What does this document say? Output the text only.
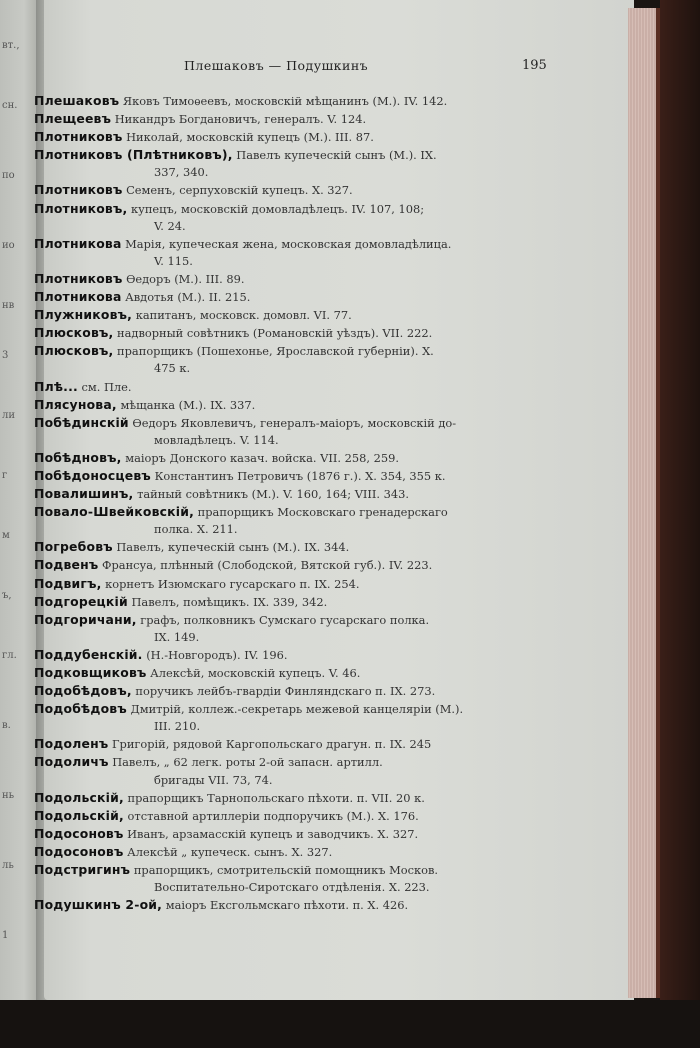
вт.,
сн.
по
ио
нв
3
ли
г
м
ъ,
гл.
в.
нь
ль
1
Плешаковъ — Подушкинъ	195

Плешаковъ Яковъ Тимоѳеевъ, московскій мѣщанинъ (М.). IV. 142.

Плещеевъ Никандръ Богдановичъ, генералъ. V. 124.

Плотниковъ Николай, московскій купецъ (М.). III. 87.

Плотниковъ (Плѣтниковъ), Павелъ купеческій сынъ (М.). IX.
337, 340.

Плотниковъ Семенъ, серпуховскій купецъ. X. 327.

Плотниковъ, купецъ, московскій домовладѣлецъ. IV. 107, 108;
V. 24.

Плотникова Марія, купеческая жена, московская домовладѣлица.
V. 115.

Плотниковъ Ѳедоръ (М.). III. 89.

Плотникова Авдотья (М.). II. 215.

Плужниковъ, капитанъ, московск. домовл. VI. 77.

Плюсковъ, надворный совѣтникъ (Романовскій уѣздъ). VII. 222.

Плюсковъ, прапорщикъ (Пошехонье, Ярославской губерніи). X.
475 к.

Плѣ... см. Пле.

Плясунова, мѣщанка (М.). IX. 337.

Побѣдинскій Ѳедоръ Яковлевичъ, генералъ-маіоръ, московскій до-
мовладѣлецъ. V. 114.

Побѣдновъ, маіоръ Донского казач. войска. VII. 258, 259.

Побѣдоносцевъ Константинъ Петровичъ (1876 г.). X. 354, 355 к.

Повалишинъ, тайный совѣтникъ (М.). V. 160, 164; VIII. 343.

Повало-Швейковскій, прапорщикъ Московскаго гренадерскаго
полка. X. 211.

Погребовъ Павелъ, купеческій сынъ (М.). IX. 344.

Подвенъ Франсуа, плѣнный (Слободской, Вятской губ.). IV. 223.

Подвигъ, корнетъ Изюмскаго гусарскаго п. IX. 254.

Подгорецкій Павелъ, помѣщикъ. IX. 339, 342.

Подгоричани, графъ, полковникъ Сумскаго гусарскаго полка.
IX. 149.

Поддубенскій. (Н.-Новгородъ). IV. 196.

Подковщиковъ Алексѣй, московскій купецъ. V. 46.

Подобѣдовъ, поручикъ лейбъ-гвардіи Финляндскаго п. IX. 273.

Подобѣдовъ Дмитрій, коллеж.-секретарь межевой канцеляріи (М.).
III. 210.

Подоленъ Григорій, рядовой Каргопольскаго драгун. п. IX. 245

Подоличъ Павелъ, „ 62 легк. роты 2-ой запасн. артилл.
бригады VII. 73, 74.

Подольскій, прапорщикъ Тарнопольскаго пѣхоти. п. VII. 20 к.

Подольскій, отставной артиллеріи подпоручикъ (М.). X. 176.

Подосоновъ Иванъ, арзамасскій купецъ и заводчикъ. X. 327.

Подосоновъ Алексѣй „ купеческ. сынъ. X. 327.

Подстригинъ прапорщикъ, смотрительскій помощникъ Москов.
Воспитательно-Сиротскаго отдѣленія. X. 223.

Подушкинъ 2-ой, маіоръ Ексгольмскаго пѣхоти. п. X. 426.
